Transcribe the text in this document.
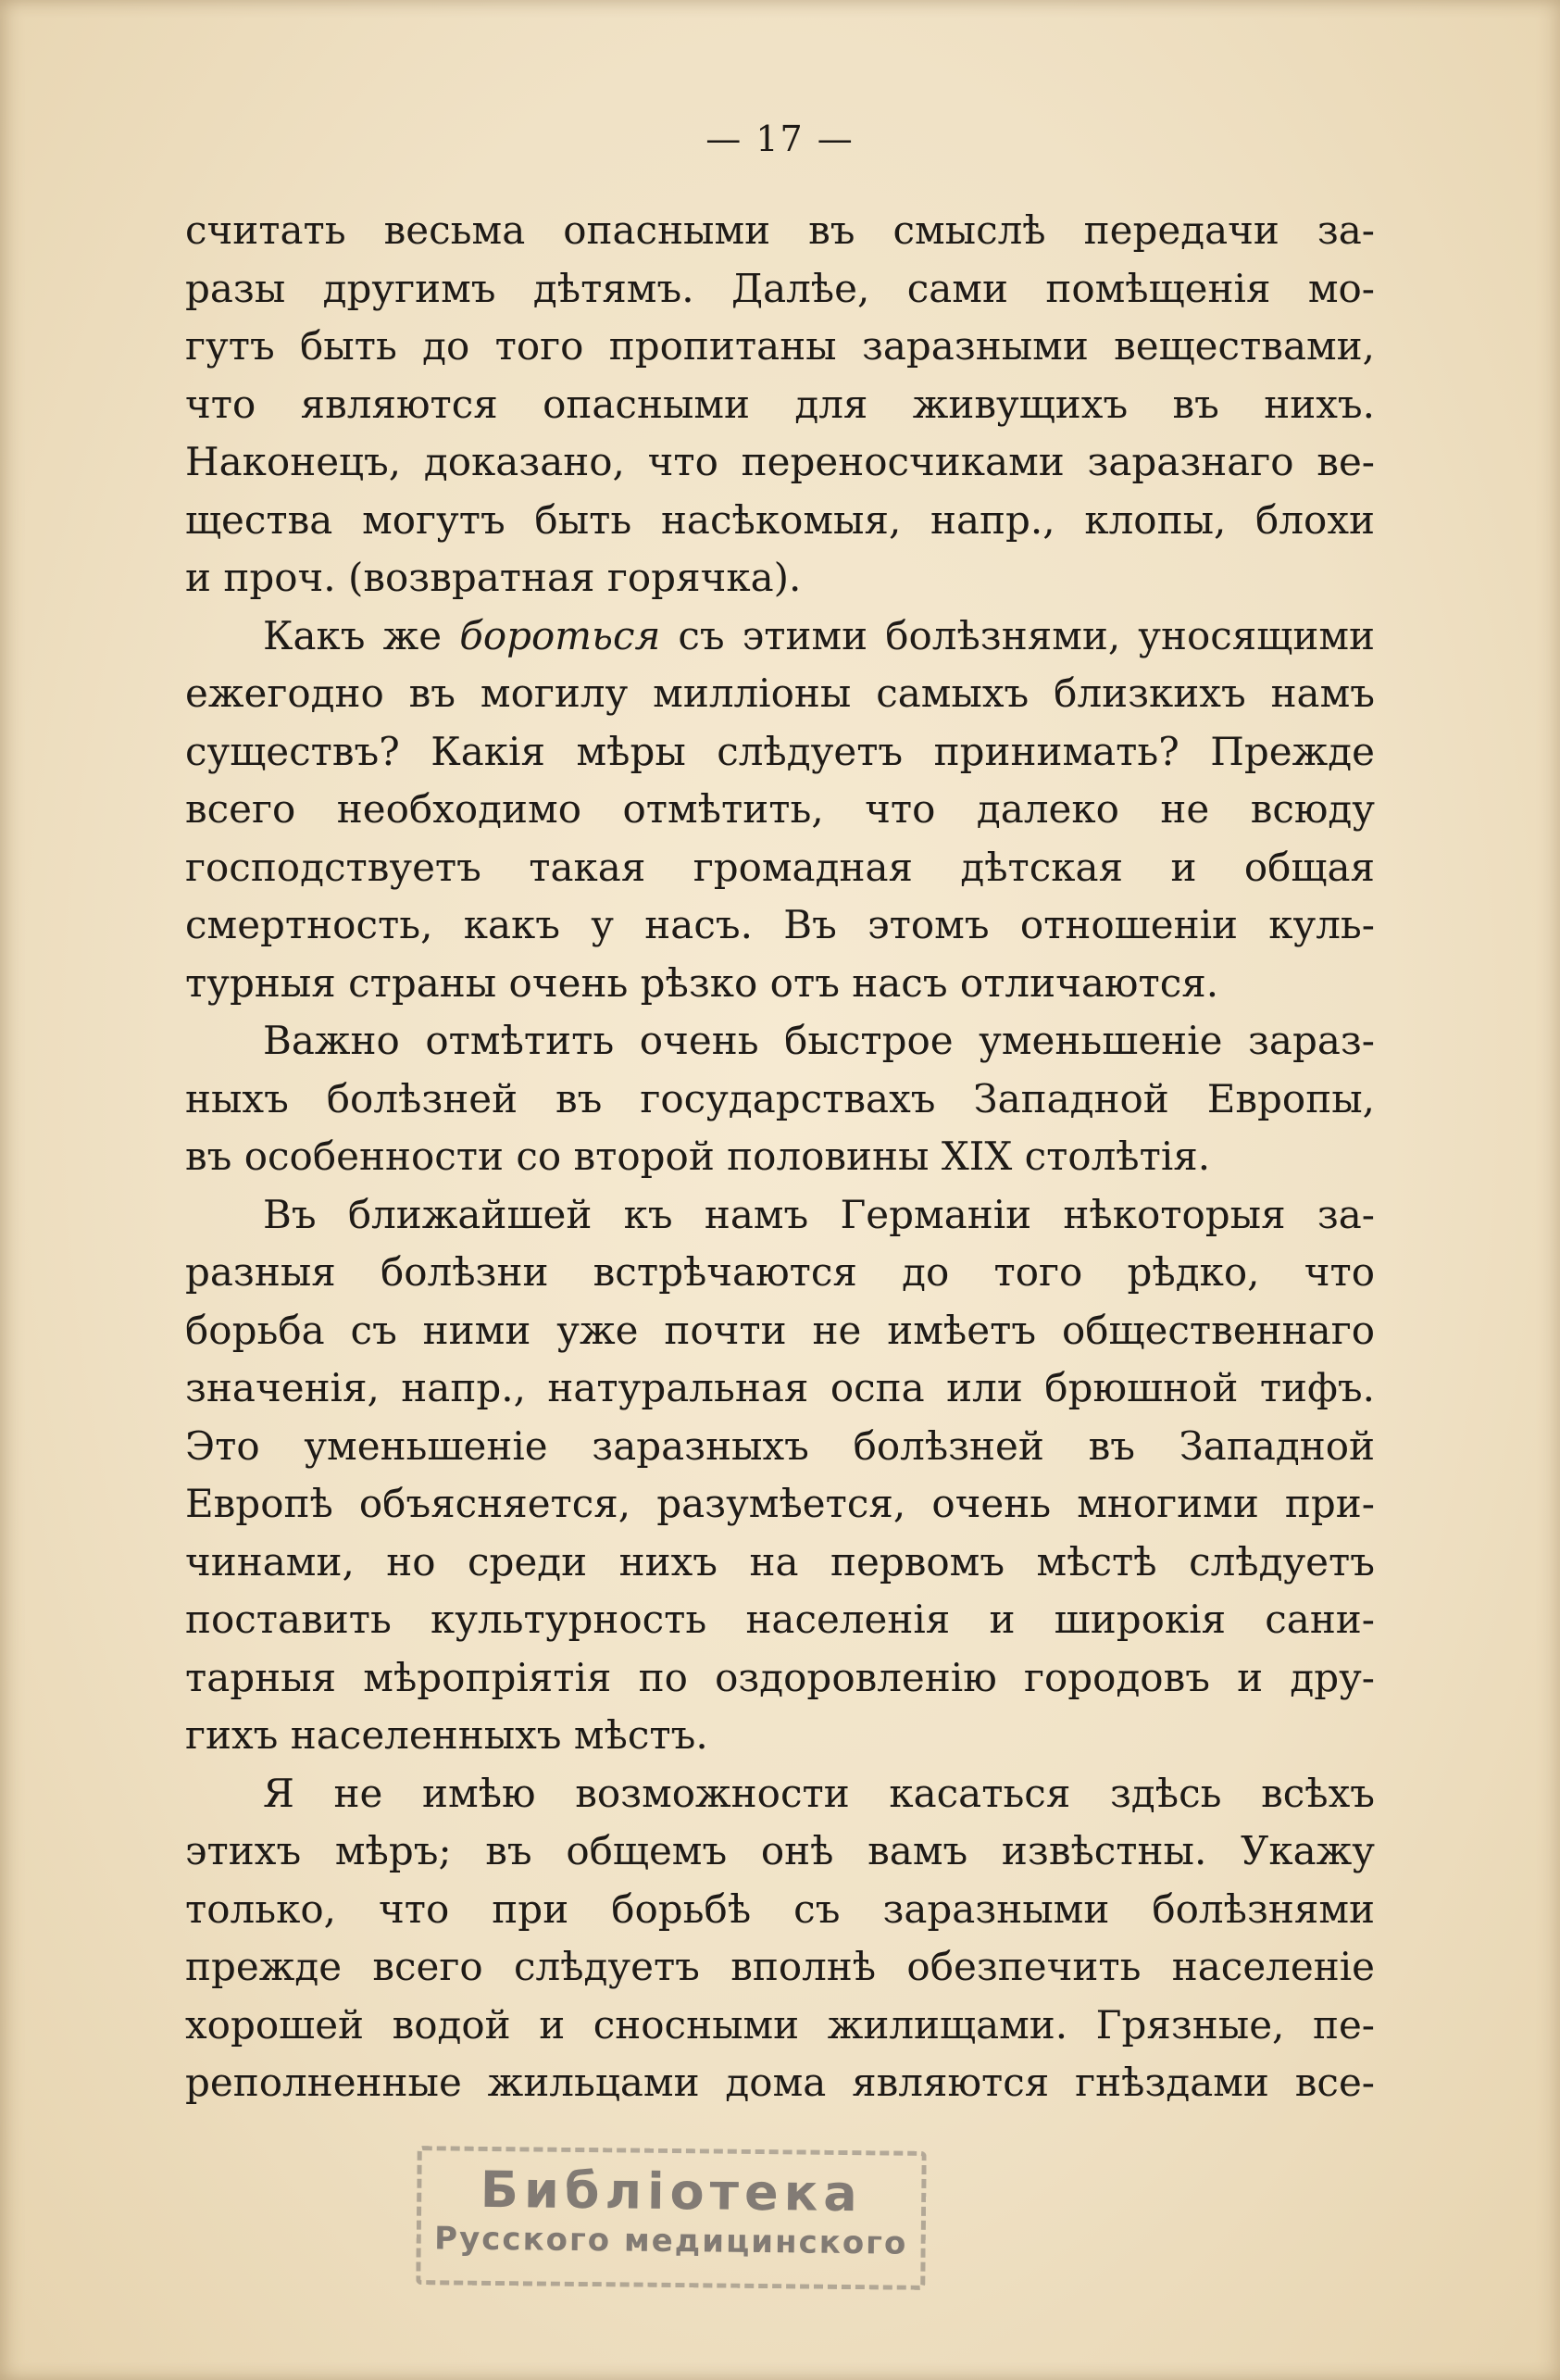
— 17 —
считать весьма опасными въ смыслѣ передачи за-
разы другимъ дѣтямъ. Далѣе, сами помѣщенія мо-
гутъ быть до того пропитаны заразными веществами,
что являются опасными для живущихъ въ нихъ.
Наконецъ, доказано, что переносчиками заразнаго ве-
щества могутъ быть насѣкомыя, напр., клопы, блохи
и проч. (возвратная горячка).
Какъ же бороться съ этими болѣзнями, уносящими
ежегодно въ могилу милліоны самыхъ близкихъ намъ
существъ? Какія мѣры слѣдуетъ принимать? Прежде
всего необходимо отмѣтить, что далеко не всюду
господствуетъ такая громадная дѣтская и общая
смертность, какъ у насъ. Въ этомъ отношеніи куль-
турныя страны очень рѣзко отъ насъ отличаются.
Важно отмѣтить очень быстрое уменьшеніе зараз-
ныхъ болѣзней въ государствахъ Западной Европы,
въ особенности со второй половины XIX столѣтія.
Въ ближайшей къ намъ Германіи нѣкоторыя за-
разныя болѣзни встрѣчаются до того рѣдко, что
борьба съ ними уже почти не имѣетъ общественнаго
значенія, напр., натуральная оспа или брюшной тифъ.
Это уменьшеніе заразныхъ болѣзней въ Западной
Европѣ объясняется, разумѣется, очень многими при-
чинами, но среди нихъ на первомъ мѣстѣ слѣдуетъ
поставить культурность населенія и широкія сани-
тарныя мѣропріятія по оздоровленію городовъ и дру-
гихъ населенныхъ мѣстъ.
Я не имѣю возможности касаться здѣсь всѣхъ
этихъ мѣръ; въ общемъ онѣ вамъ извѣстны. Укажу
только, что при борьбѣ съ заразными болѣзнями
прежде всего слѣдуетъ вполнѣ обезпечить населеніе
хорошей водой и сносными жилищами. Грязные, пе-
реполненные жильцами дома являются гнѣздами все-
Библіотека
Русского медицинского
